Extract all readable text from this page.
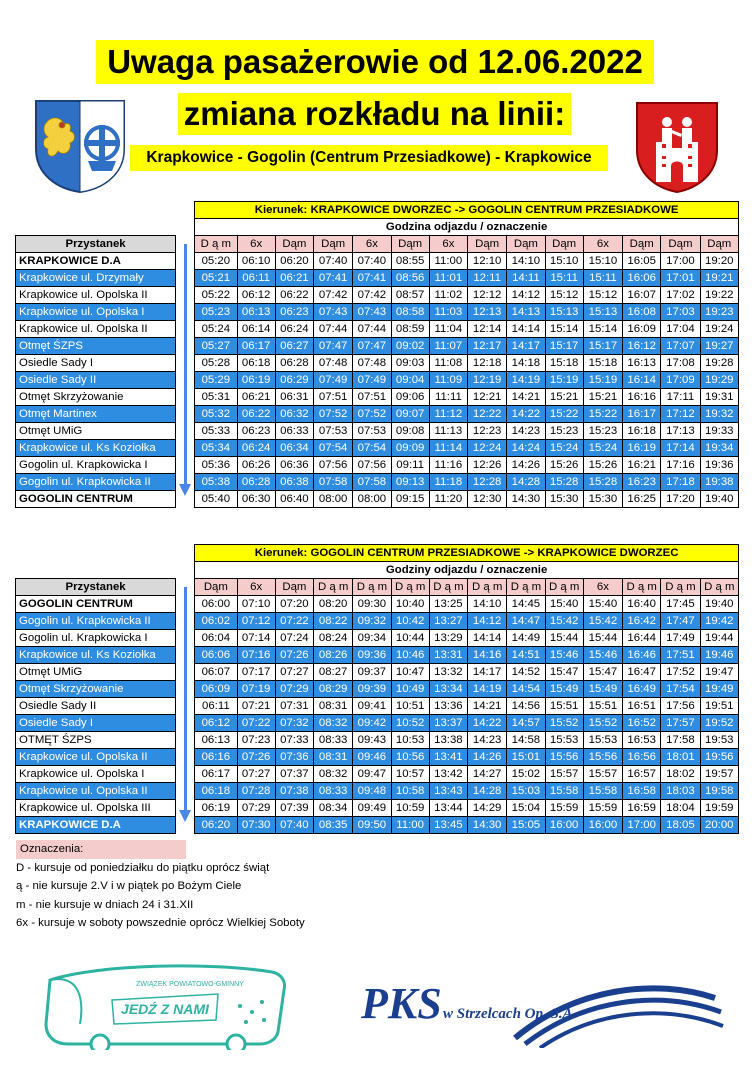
Uwaga pasażerowie od 12.06.2022
zmiana rozkładu na linii:
Krapkowice - Gogolin (Centrum Przesiadkowe) - Krapkowice
		Kierunek: KRAPKOWICE DWORZEC -> GOGOLIN CENTRUM PRZESIADKOWE													
		Godzina odjazdu / oznaczenie													
Przystanek		D ą m	6x	Dąm	Dąm	6x	Dąm	6x	Dąm	Dąm	Dąm	6x	Dąm	Dąm	Dąm
KRAPKOWICE D.A		05:20	06:10	06:20	07:40	07:40	08:55	11:00	12:10	14:10	15:10	15:10	16:05	17:00	19:20
Krapkowice ul. Drzymały		05:21	06:11	06:21	07:41	07:41	08:56	11:01	12:11	14:11	15:11	15:11	16:06	17:01	19:21
Krapkowice ul. Opolska II		05:22	06:12	06:22	07:42	07:42	08:57	11:02	12:12	14:12	15:12	15:12	16:07	17:02	19:22
Krapkowice ul. Opolska I		05:23	06:13	06:23	07:43	07:43	08:58	11:03	12:13	14:13	15:13	15:13	16:08	17:03	19:23
Krapkowice ul. Opolska II		05:24	06:14	06:24	07:44	07:44	08:59	11:04	12:14	14:14	15:14	15:14	16:09	17:04	19:24
Otmęt ŚZPS		05:27	06:17	06:27	07:47	07:47	09:02	11:07	12:17	14:17	15:17	15:17	16:12	17:07	19:27
Osiedle Sady I		05:28	06:18	06:28	07:48	07:48	09:03	11:08	12:18	14:18	15:18	15:18	16:13	17:08	19:28
Osiedle Sady II		05:29	06:19	06:29	07:49	07:49	09:04	11:09	12:19	14:19	15:19	15:19	16:14	17:09	19:29
Otmęt Skrzyżowanie		05:31	06:21	06:31	07:51	07:51	09:06	11:11	12:21	14:21	15:21	15:21	16:16	17:11	19:31
Otmęt Martinex		05:32	06:22	06:32	07:52	07:52	09:07	11:12	12:22	14:22	15:22	15:22	16:17	17:12	19:32
Otmęt UMiG		05:33	06:23	06:33	07:53	07:53	09:08	11:13	12:23	14:23	15:23	15:23	16:18	17:13	19:33
Krapkowice ul. Ks Koziołka		05:34	06:24	06:34	07:54	07:54	09:09	11:14	12:24	14:24	15:24	15:24	16:19	17:14	19:34
Gogolin ul. Krapkowicka I		05:36	06:26	06:36	07:56	07:56	09:11	11:16	12:26	14:26	15:26	15:26	16:21	17:16	19:36
Gogolin ul. Krapkowicka II		05:38	06:28	06:38	07:58	07:58	09:13	11:18	12:28	14:28	15:28	15:28	16:23	17:18	19:38
GOGOLIN CENTRUM		05:40	06:30	06:40	08:00	08:00	09:15	11:20	12:30	14:30	15:30	15:30	16:25	17:20	19:40
		Kierunek: GOGOLIN CENTRUM PRZESIADKOWE -> KRAPKOWICE DWORZEC													
		Godziny odjazdu / oznaczenie													
Przystanek		Dąm	6x	Dąm	D ą m	D ą m	D ą m	D ą m	D ą m	D ą m	D ą m	6x	D ą m	D ą m	D ą m
GOGOLIN CENTRUM		06:00	07:10	07:20	08:20	09:30	10:40	13:25	14:10	14:45	15:40	15:40	16:40	17:45	19:40
Gogolin ul. Krapkowicka II		06:02	07:12	07:22	08:22	09:32	10:42	13:27	14:12	14:47	15:42	15:42	16:42	17:47	19:42
Gogolin ul. Krapkowicka I		06:04	07:14	07:24	08:24	09:34	10:44	13:29	14:14	14:49	15:44	15:44	16:44	17:49	19:44
Krapkowice ul. Ks Koziołka		06:06	07:16	07:26	08:26	09:36	10:46	13:31	14:16	14:51	15:46	15:46	16:46	17:51	19:46
Otmęt UMiG		06:07	07:17	07:27	08:27	09:37	10:47	13:32	14:17	14:52	15:47	15:47	16:47	17:52	19:47
Otmęt Skrzyżowanie		06:09	07:19	07:29	08:29	09:39	10:49	13:34	14:19	14:54	15:49	15:49	16:49	17:54	19:49
Osiedle Sady II		06:11	07:21	07:31	08:31	09:41	10:51	13:36	14:21	14:56	15:51	15:51	16:51	17:56	19:51
Osiedle Sady I		06:12	07:22	07:32	08:32	09:42	10:52	13:37	14:22	14:57	15:52	15:52	16:52	17:57	19:52
OTMĘT ŚZPS		06:13	07:23	07:33	08:33	09:43	10:53	13:38	14:23	14:58	15:53	15:53	16:53	17:58	19:53
Krapkowice ul. Opolska II		06:16	07:26	07:36	08:31	09:46	10:56	13:41	14:26	15:01	15:56	15:56	16:56	18:01	19:56
Krapkowice ul. Opolska I		06:17	07:27	07:37	08:32	09:47	10:57	13:42	14:27	15:02	15:57	15:57	16:57	18:02	19:57
Krapkowice ul. Opolska II		06:18	07:28	07:38	08:33	09:48	10:58	13:43	14:28	15:03	15:58	15:58	16:58	18:03	19:58
Krapkowice ul. Opolska III		06:19	07:29	07:39	08:34	09:49	10:59	13:44	14:29	15:04	15:59	15:59	16:59	18:04	19:59
KRAPKOWICE D.A		06:20	07:30	07:40	08:35	09:50	11:00	13:45	14:30	15:05	16:00	16:00	17:00	18:05	20:00
Oznaczenia:
D - kursuje od poniedziałku do piątku oprócz świąt
ą - nie kursuje 2.V i w piątek po Bożym Ciele
m - nie kursuje w dniach 24 i 31.XII
6x - kursuje w soboty powszednie oprócz Wielkiej Soboty
ZWIĄZEK POWIATOWO-GMINNY
JEDŹ Z NAMI	PKS w Strzelcach Op. S.A.
